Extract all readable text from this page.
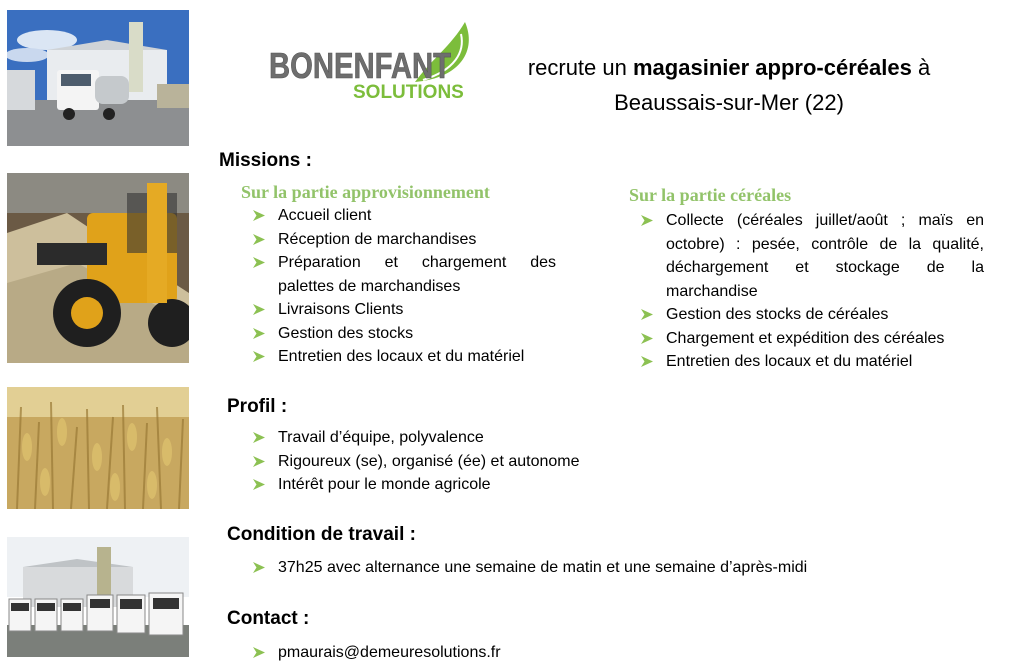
BONENFANT
SOLUTIONS
recrute un magasinier appro-céréales à
Beaussais-sur-Mer (22)
Missions :
Sur la partie approvisionnement
Accueil client
Réception de marchandises
Préparation et chargement des palettes de marchandises
Livraisons Clients
Gestion des stocks
Entretien des locaux et du matériel
Sur la partie céréales
Collecte (céréales juillet/août ; maïs en octobre) : pesée, contrôle de la qualité, déchargement et stockage de la marchandise
Gestion des stocks de céréales
Chargement et expédition des céréales
Entretien des locaux et du matériel
Profil :
Travail d’équipe, polyvalence
Rigoureux (se), organisé (ée) et autonome
Intérêt pour le monde agricole
Condition de travail :
37h25 avec alternance une semaine de matin et une semaine d’après-midi
Contact :
pmaurais@demeuresolutions.fr
